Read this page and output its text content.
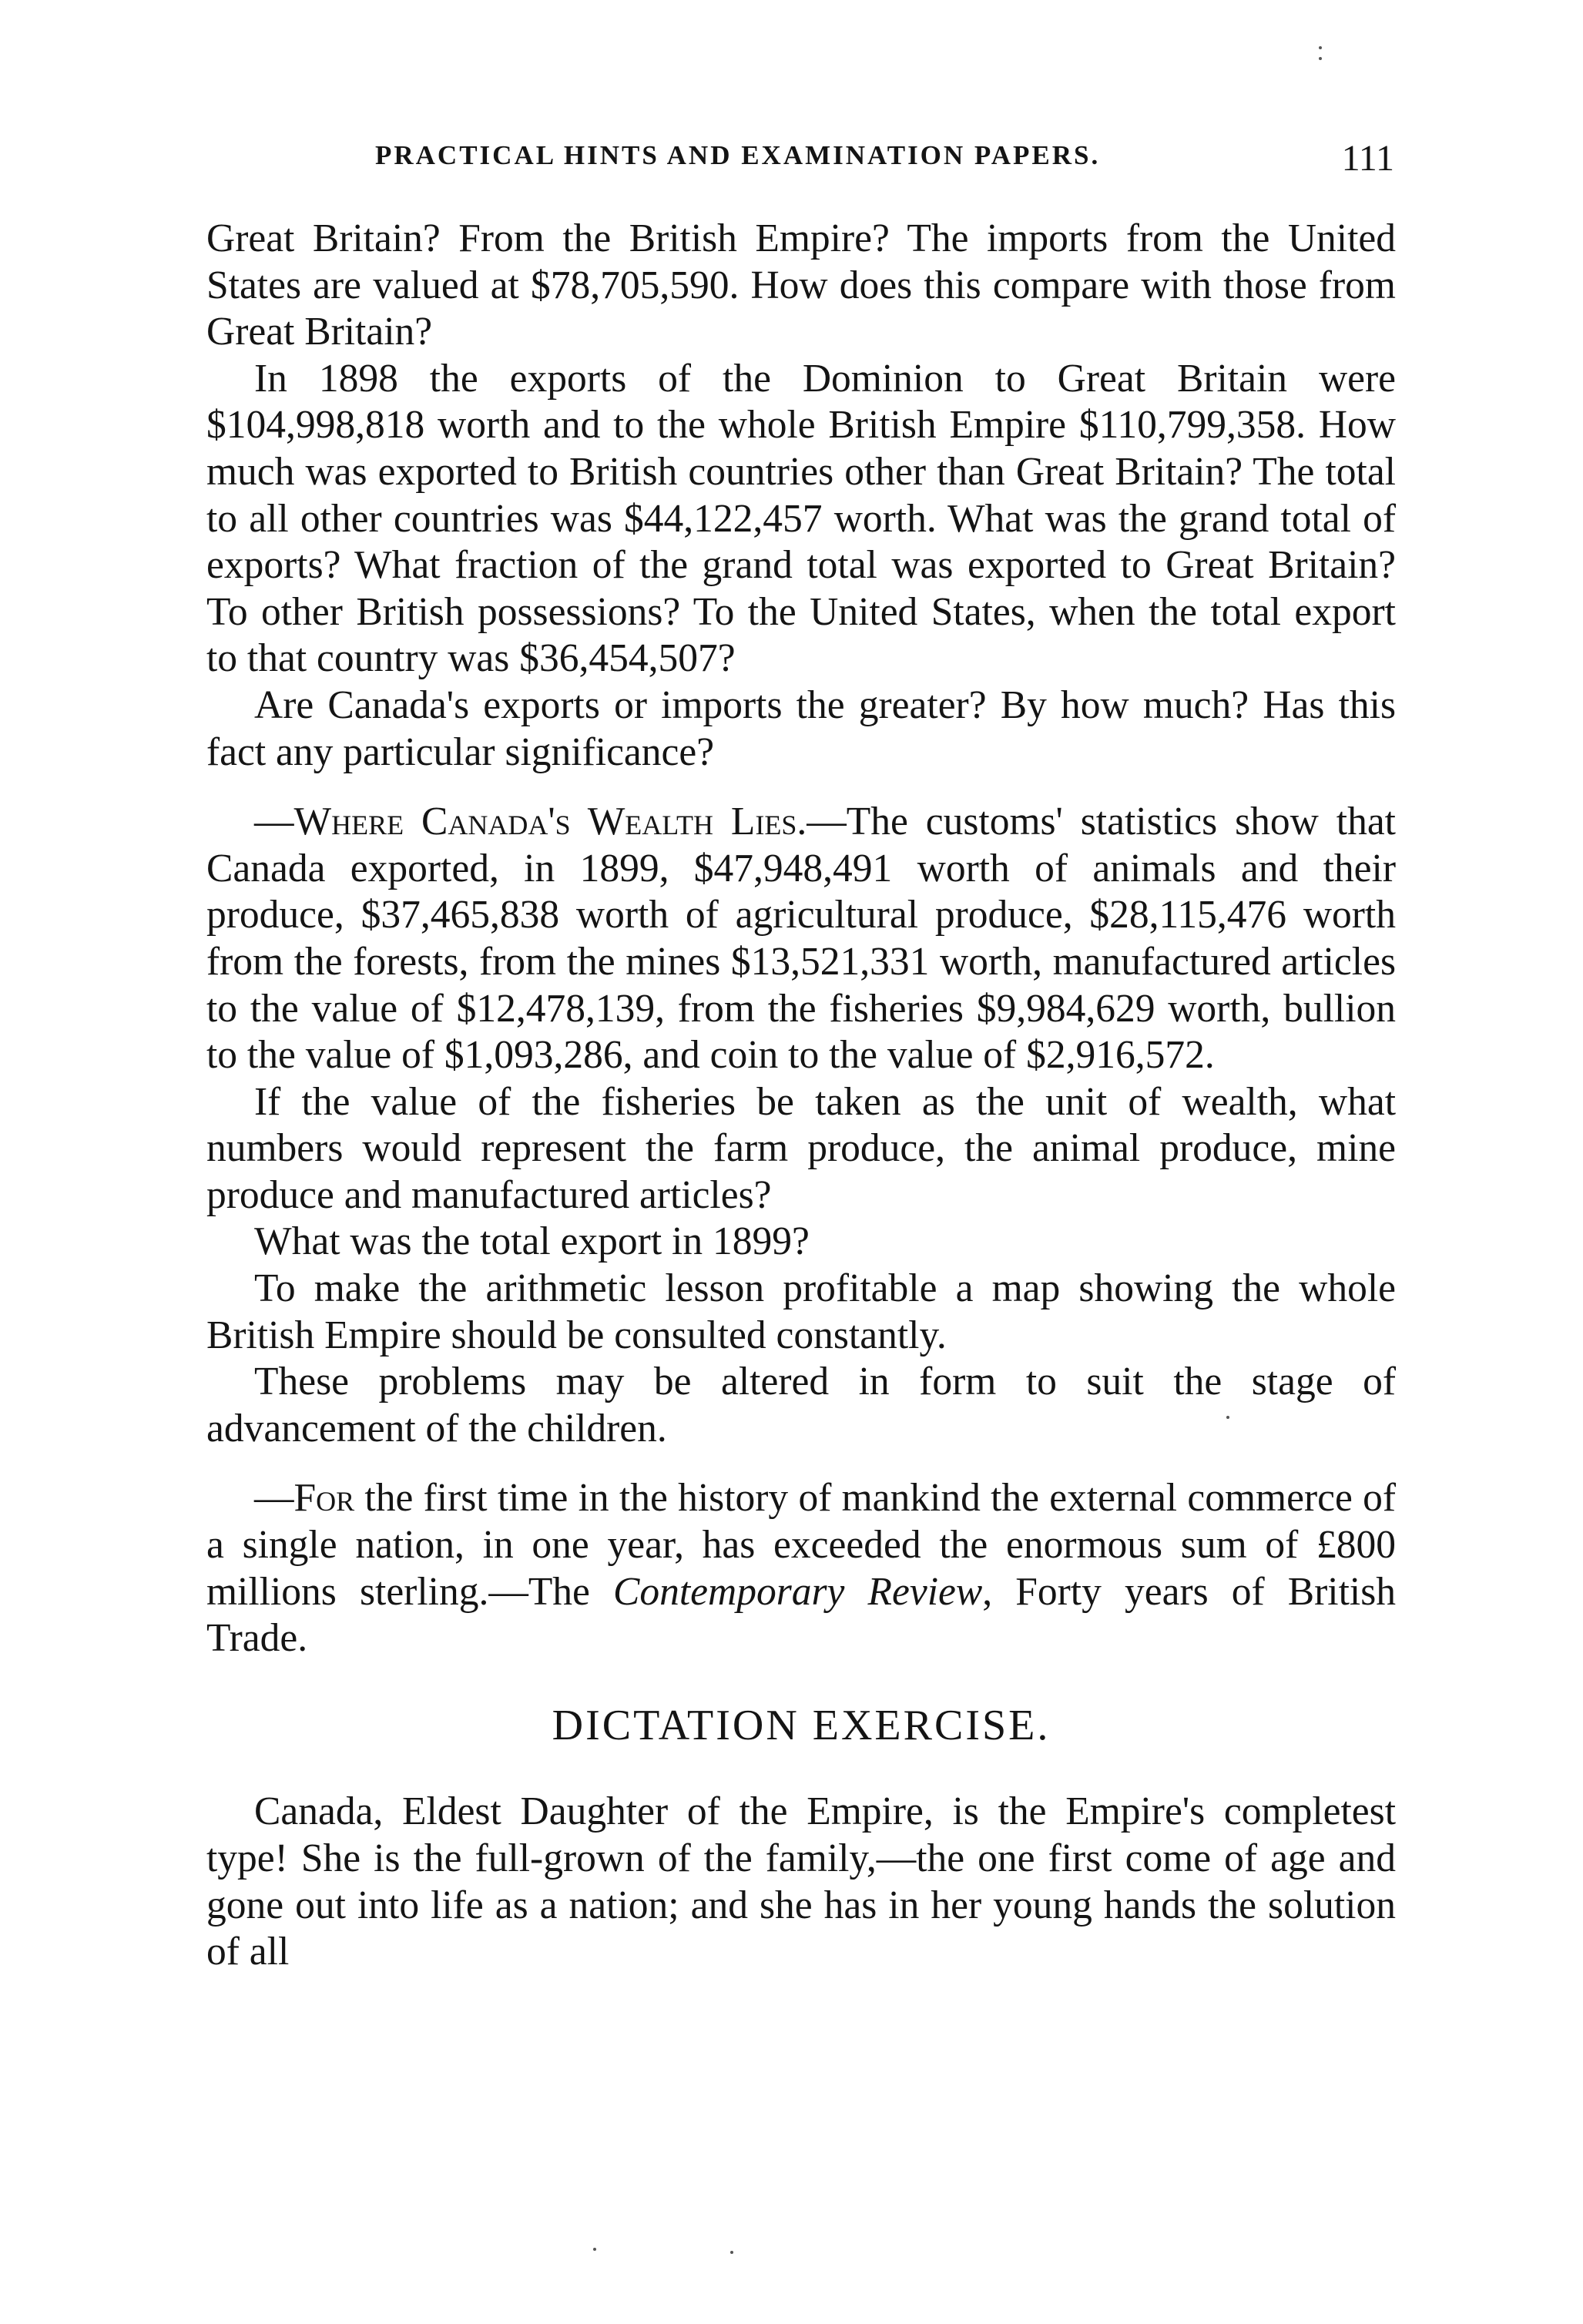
PRACTICAL HINTS AND EXAMINATION PAPERS.	111

Great Britain? From the British Empire? The imports from the United States are valued at $78,705,590. How does this compare with those from Great Britain?

In 1898 the exports of the Dominion to Great Britain were $104,998,818 worth and to the whole British Empire $110,799,358. How much was exported to British countries other than Great Britain? The total to all other countries was $44,122,457 worth. What was the grand total of exports? What fraction of the grand total was exported to Great Britain? To other British possessions? To the United States, when the total export to that country was $36,454,507?

Are Canada's exports or imports the greater? By how much? Has this fact any particular significance?

—Where Canada's Wealth Lies.—The customs' statistics show that Canada exported, in 1899, $47,948,491 worth of animals and their produce, $37,465,838 worth of agricultural produce, $28,115,476 worth from the forests, from the mines $13,521,331 worth, manufactured articles to the value of $12,478,139, from the fisheries $9,984,629 worth, bullion to the value of $1,093,286, and coin to the value of $2,916,572.

If the value of the fisheries be taken as the unit of wealth, what numbers would represent the farm produce, the animal produce, mine produce and manufactured articles?

What was the total export in 1899?

To make the arithmetic lesson profitable a map showing the whole British Empire should be consulted constantly.

These problems may be altered in form to suit the stage of advancement of the children.

—For the first time in the history of mankind the external commerce of a single nation, in one year, has exceeded the enormous sum of £800 millions sterling.—The Contemporary Review, Forty years of British Trade.

DICTATION EXERCISE.

Canada, Eldest Daughter of the Empire, is the Empire's completest type! She is the full-grown of the family,—the one first come of age and gone out into life as a nation; and she has in her young hands the solution of all
